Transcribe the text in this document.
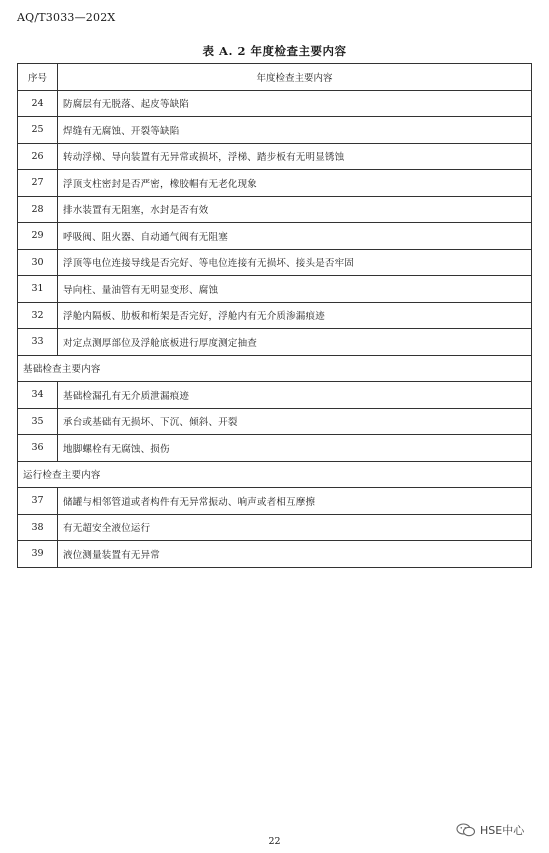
AQ/T3033—202X
表 A. 2 年度检查主要内容
序号	年度检查主要内容
24	防腐层有无脱落、起皮等缺陷
25	焊缝有无腐蚀、开裂等缺陷
26	转动浮梯、导向装置有无异常或损坏，浮梯、踏步板有无明显锈蚀
27	浮顶支柱密封是否严密，橡胶帽有无老化现象
28	排水装置有无阻塞，水封是否有效
29	呼吸阀、阻火器、自动通气阀有无阻塞
30	浮顶等电位连接导线是否完好、等电位连接有无损坏、接头是否牢固
31	导向柱、量油管有无明显变形、腐蚀
32	浮舱内隔板、肋板和桁架是否完好，浮舱内有无介质渗漏痕迹
33	对定点测厚部位及浮舱底板进行厚度测定抽查
基础检查主要内容	
34	基础检漏孔有无介质泄漏痕迹
35	承台或基础有无损坏、下沉、倾斜、开裂
36	地脚螺栓有无腐蚀、损伤
运行检查主要内容	
37	储罐与相邻管道或者构件有无异常振动、响声或者相互摩擦
38	有无超安全液位运行
39	液位测量装置有无异常
22
HSE中心
